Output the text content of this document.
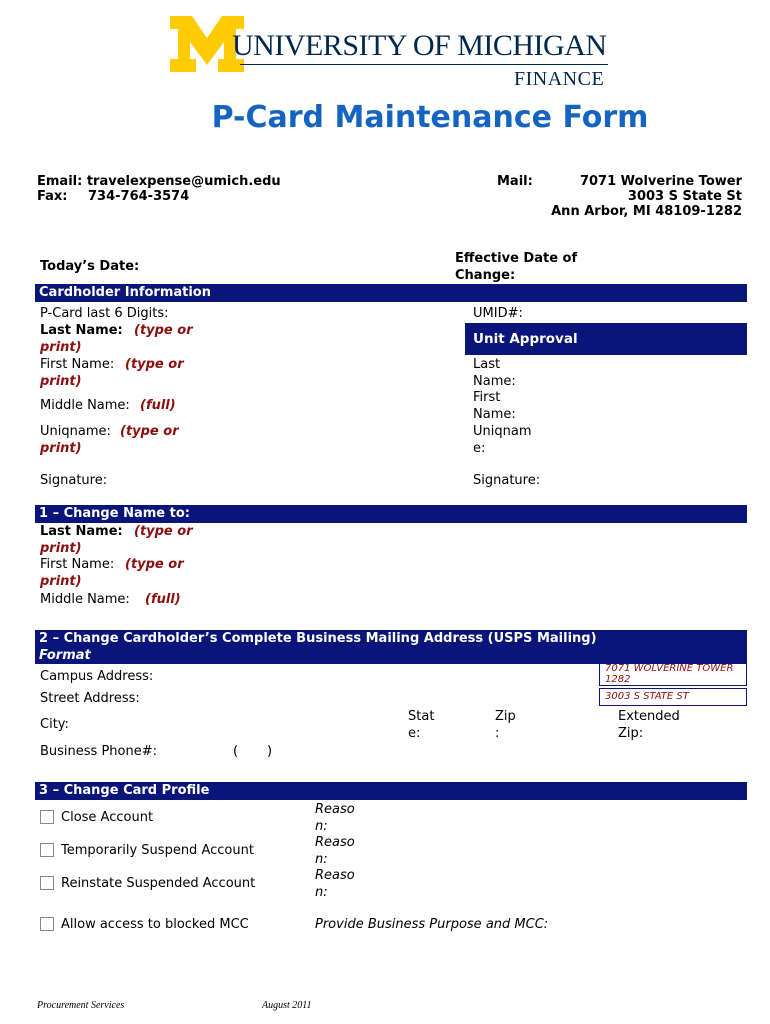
UNIVERSITY OF MICHIGAN
FINANCE
P-Card Maintenance Form
Email: travelexpense@umich.edu
Fax: 734-764-3574
Mail:	7071 Wolverine Tower
3003 S State St
Ann Arbor, MI 48109-1282
Today’s Date:
Effective Date of
Change:
Cardholder Information
P-Card last 6 Digits:
Last Name: (type or
print)
First Name: (type or
print)
Middle Name: (full)
Uniqname: (type or
print)
Signature:
UMID#:
Unit Approval
Last
Name:
First
Name:
Uniqnam
e:
Signature:
1 – Change Name to:
Last Name: (type or
print)
First Name: (type or
print)
Middle Name: (full)
2 – Change Cardholder’s Complete Business Mailing Address (USPS Mailing)
Format
Campus Address:
7071 WOLVERINE TOWER
1282
Street Address:	3003 S STATE ST
City:
Stat
e:
Zip
:
Extended
Zip:
Business Phone#:	(       )
3 – Change Card Profile
Close Account
Reaso
n:
Temporarily Suspend Account
Reaso
n:
Reinstate Suspended Account
Reaso
n:
Allow access to blocked MCC	Provide Business Purpose and MCC:
Procurement Services	August 2011
